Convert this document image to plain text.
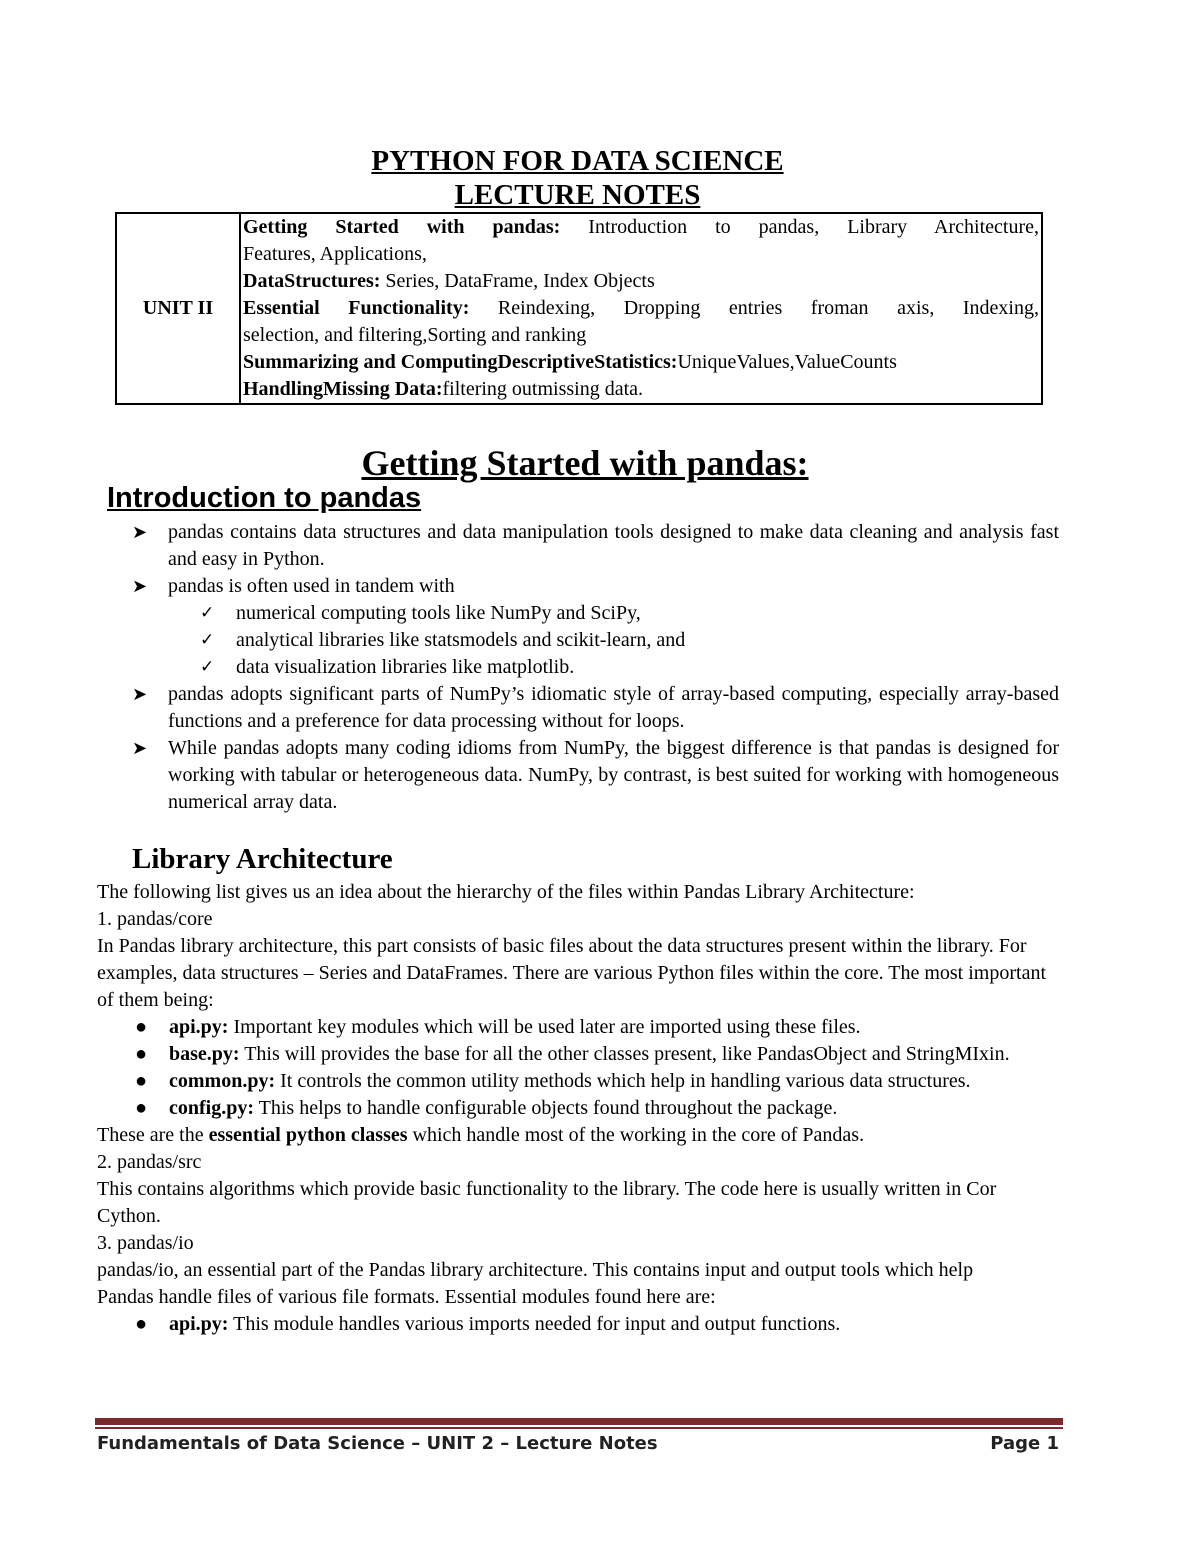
PYTHON FOR DATA SCIENCE
LECTURE NOTES
UNIT II	
Getting Started with pandas: Introduction to pandas, Library Architecture,
Features, Applications,
DataStructures: Series, DataFrame, Index Objects
Essential Functionality: Reindexing, Dropping entries froman axis, Indexing,
selection, and filtering,Sorting and ranking
Summarizing and ComputingDescriptiveStatistics:UniqueValues,ValueCounts
HandlingMissing Data:filtering outmissing data.
Getting Started with pandas:
Introduction to pandas
➤ pandas contains data structures and data manipulation tools designed to make data cleaning and analysis fast and easy in Python.
➤ pandas is often used in tandem with
✓ numerical computing tools like NumPy and SciPy,
✓ analytical libraries like statsmodels and scikit-learn, and
✓ data visualization libraries like matplotlib.
➤ pandas adopts significant parts of NumPy’s idiomatic style of array-based computing, especially array-based functions and a preference for data processing without for loops.
➤ While pandas adopts many coding idioms from NumPy, the biggest difference is that pandas is designed for working with tabular or heterogeneous data. NumPy, by contrast, is best suited for working with homogeneous numerical array data.
Library Architecture
The following list gives us an idea about the hierarchy of the files within Pandas Library Architecture:
1. pandas/core
In Pandas library architecture, this part consists of basic files about the data structures present within the library. For examples, data structures – Series and DataFrames. There are various Python files within the core. The most important of them being:
● api.py: Important key modules which will be used later are imported using these files.
● base.py: This will provides the base for all the other classes present, like PandasObject and StringMIxin.
● common.py: It controls the common utility methods which help in handling various data structures.
● config.py: This helps to handle configurable objects found throughout the package.
These are the essential python classes which handle most of the working in the core of Pandas.
2. pandas/src
This contains algorithms which provide basic functionality to the library. The code here is usually written in Cor Cython.
3. pandas/io
pandas/io, an essential part of the Pandas library architecture. This contains input and output tools which help Pandas handle files of various file formats. Essential modules found here are:
● api.py: This module handles various imports needed for input and output functions.
Fundamentals of Data Science – UNIT 2 – Lecture Notes	Page 1
